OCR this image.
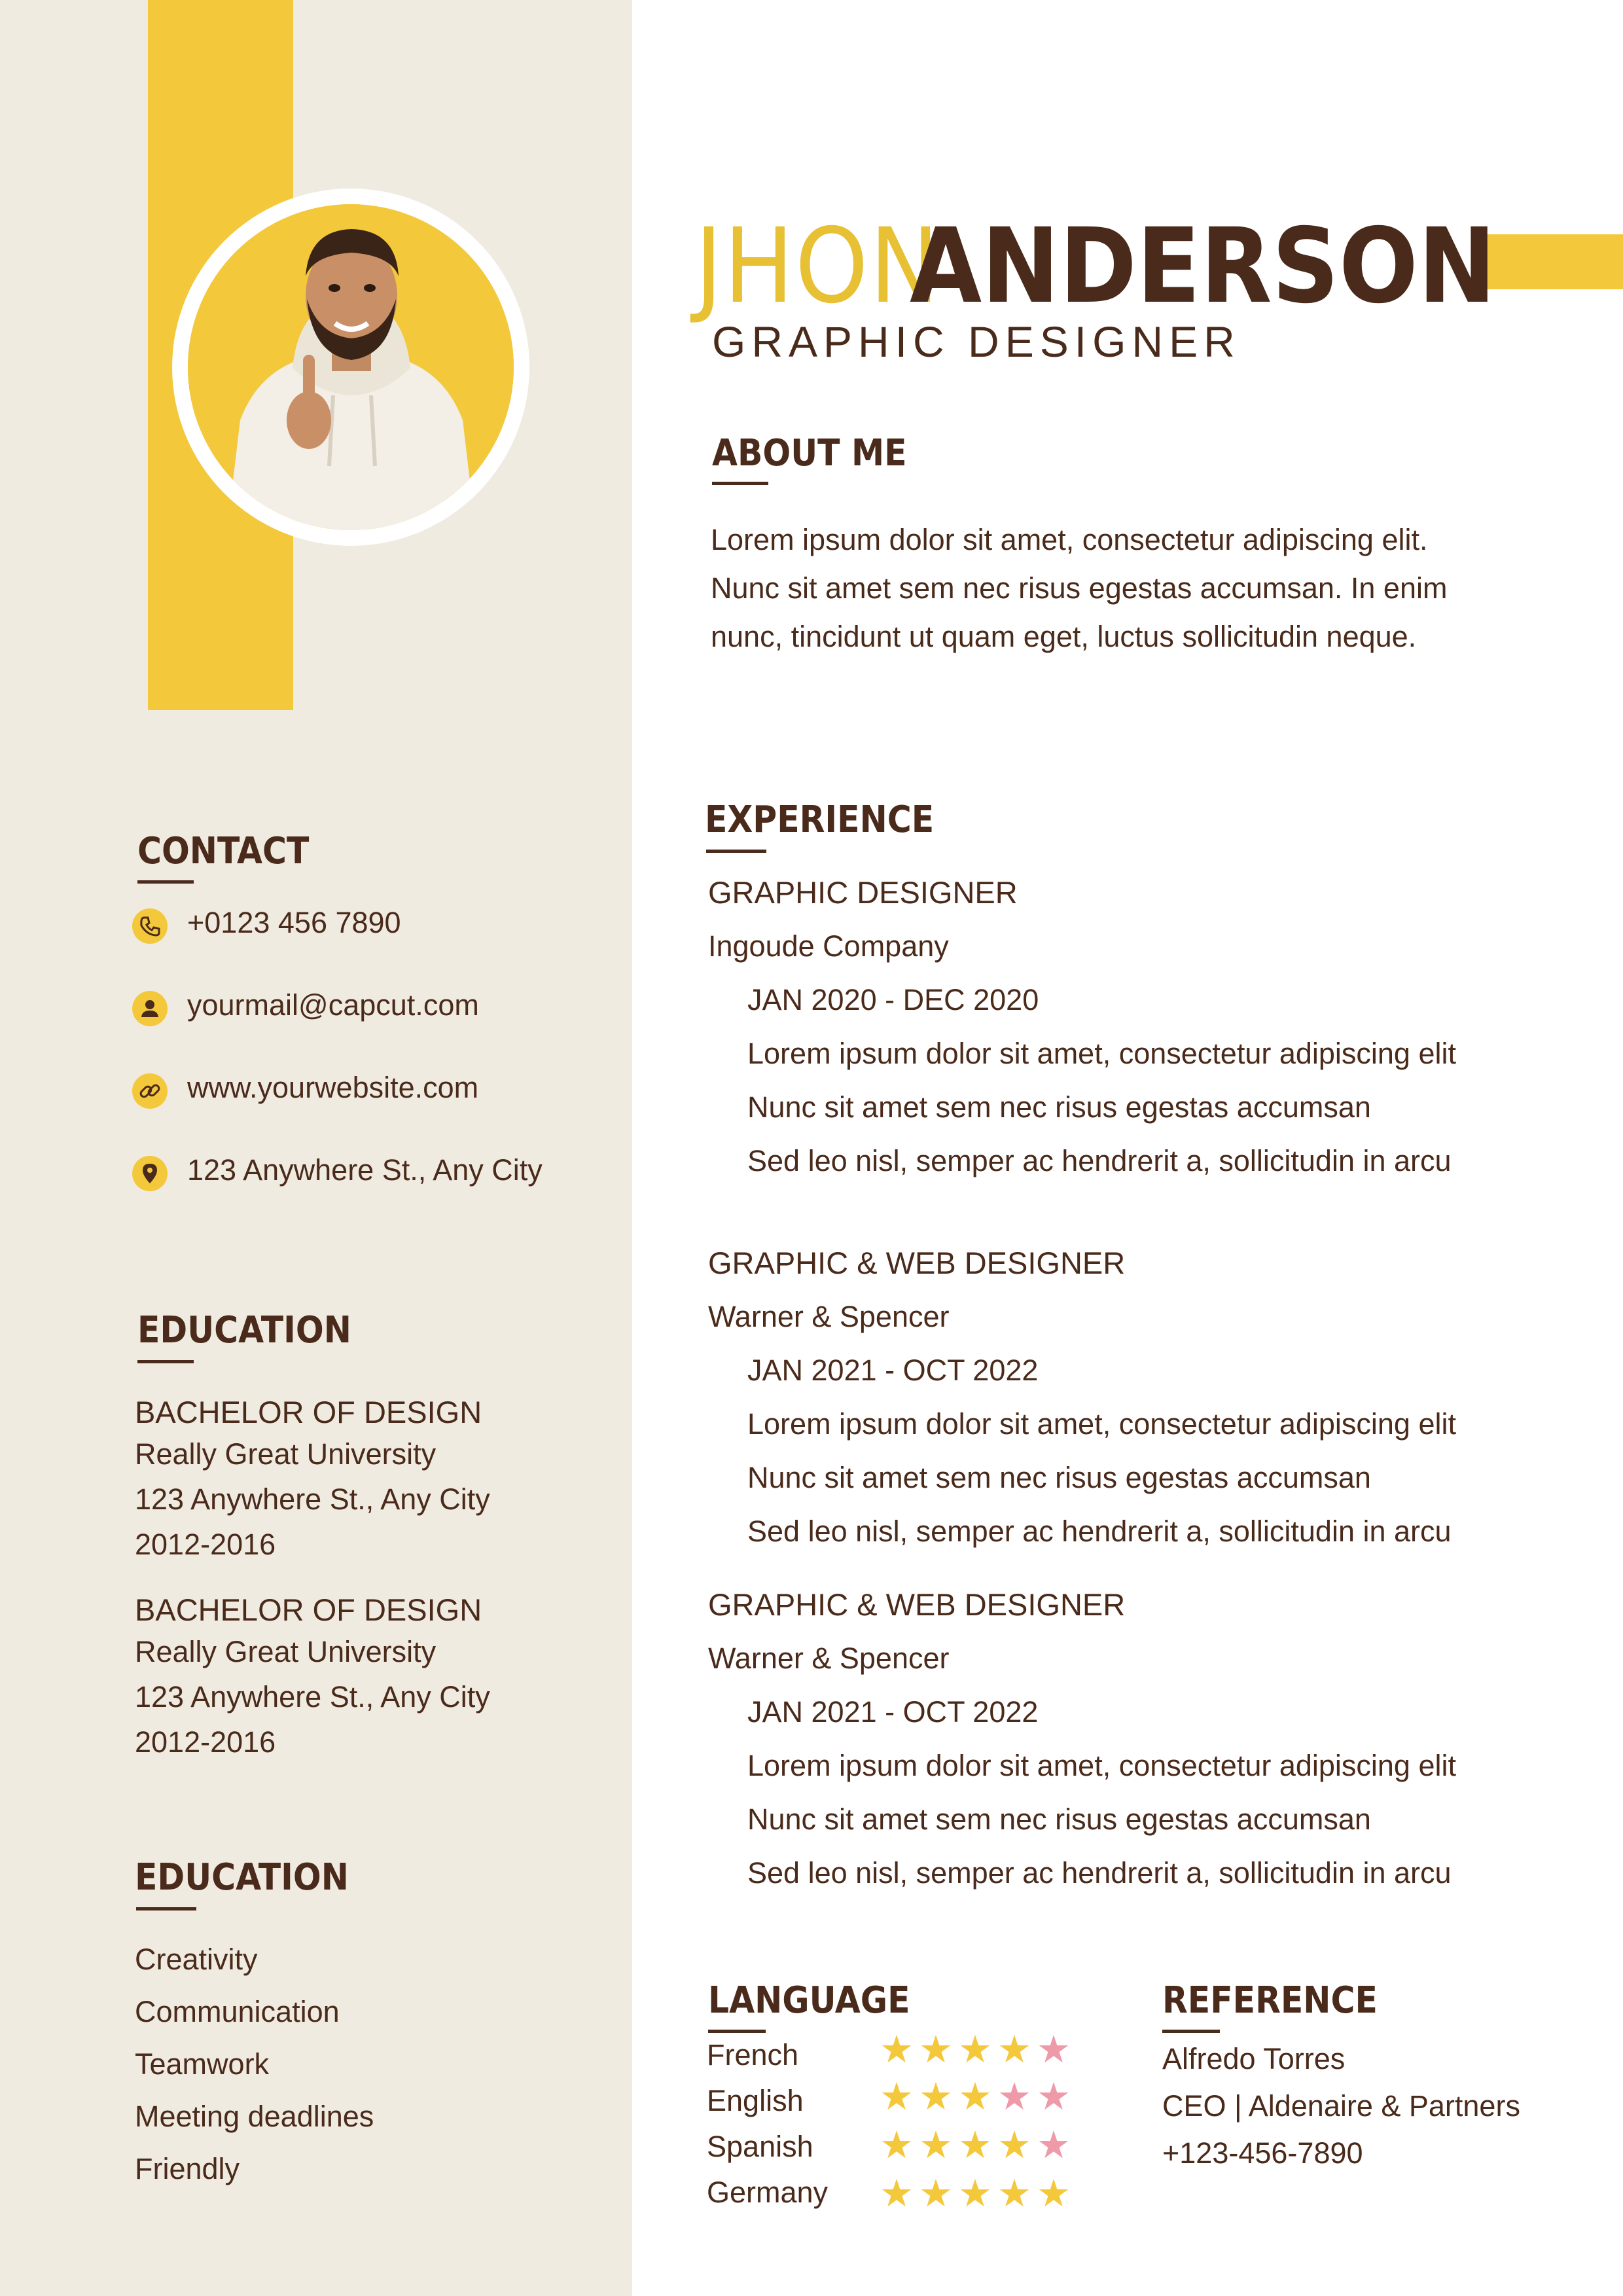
JHON
ANDERSON
GRAPHIC DESIGNER
ABOUT ME
Lorem ipsum dolor sit amet, consectetur adipiscing elit. Nunc sit amet sem nec risus egestas accumsan. In enim nunc, tincidunt ut quam eget, luctus sollicitudin neque.
CONTACT
+0123 456 7890
yourmail@capcut.com
www.yourwebsite.com
123 Anywhere St., Any City
EDUCATION
BACHELOR OF DESIGN
Really Great University
123 Anywhere St., Any City
2012-2016
BACHELOR OF DESIGN
Really Great University
123 Anywhere St., Any City
2012-2016
EDUCATION
Creativity
Communication
Teamwork
Meeting deadlines
Friendly
EXPERIENCE
GRAPHIC DESIGNER
Ingoude Company
JAN 2020 - DEC 2020
Lorem ipsum dolor sit amet, consectetur adipiscing elit
Nunc sit amet sem nec risus egestas accumsan
Sed leo nisl, semper ac hendrerit a, sollicitudin in arcu
GRAPHIC & WEB DESIGNER
Warner & Spencer
JAN 2021 - OCT 2022
Lorem ipsum dolor sit amet, consectetur adipiscing elit
Nunc sit amet sem nec risus egestas accumsan
Sed leo nisl, semper ac hendrerit a, sollicitudin in arcu
GRAPHIC & WEB DESIGNER
Warner & Spencer
JAN 2021 - OCT 2022
Lorem ipsum dolor sit amet, consectetur adipiscing elit
Nunc sit amet sem nec risus egestas accumsan
Sed leo nisl, semper ac hendrerit a, sollicitudin in arcu
LANGUAGE
French ★★★★★
English ★★★★★
Spanish ★★★★★
Germany ★★★★★
REFERENCE
Alfredo Torres
CEO | Aldenaire & Partners
+123-456-7890
